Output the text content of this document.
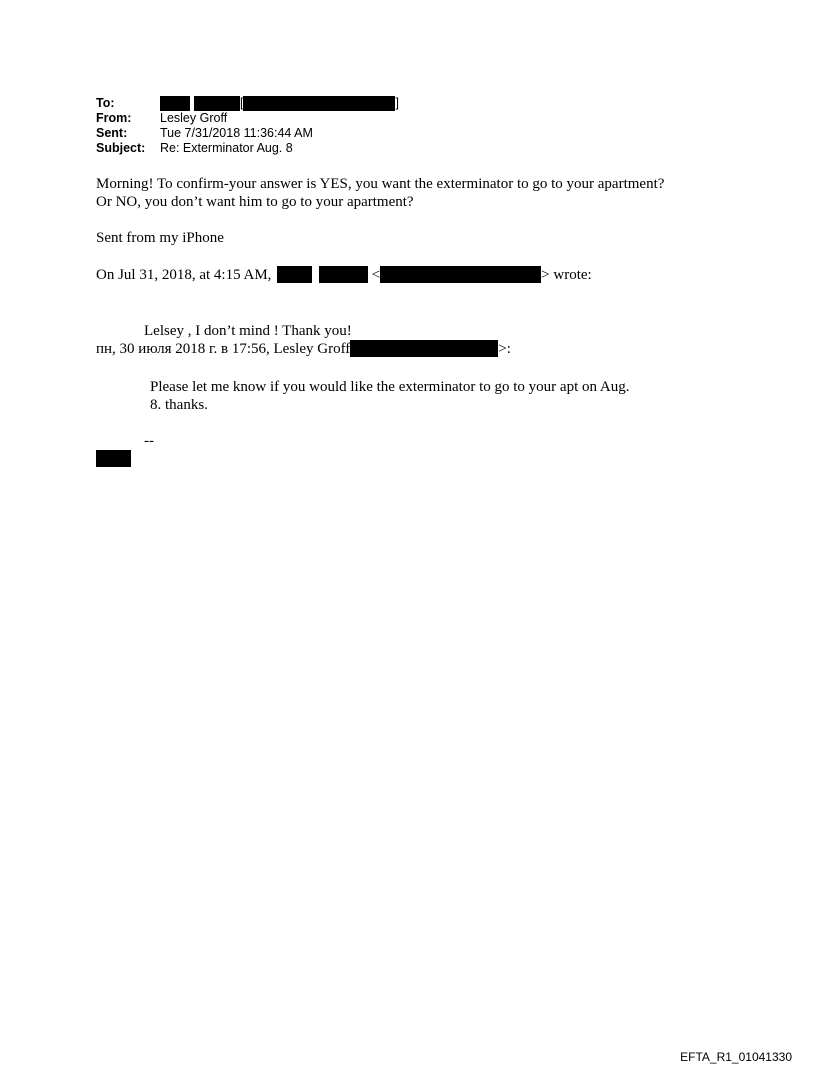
To:	[	]
From:	Lesley Groff
Sent:	Tue 7/31/2018 11:36:44 AM
Subject:	Re: Exterminator Aug. 8
Morning! To confirm-your answer is YES, you want the exterminator to go to your apartment?
Or NO, you don’t want him to go to your apartment?
Sent from my iPhone
On Jul 31, 2018, at 4:15 AM,	<	> wrote:
Lelsey , I don’t mind ! Thank you!
пн, 30 июля 2018 г. в 17:56, Lesley Groff	>:
Please let me know if you would like the exterminator to go to your apt on Aug.
8. thanks.
--
EFTA_R1_01041330
